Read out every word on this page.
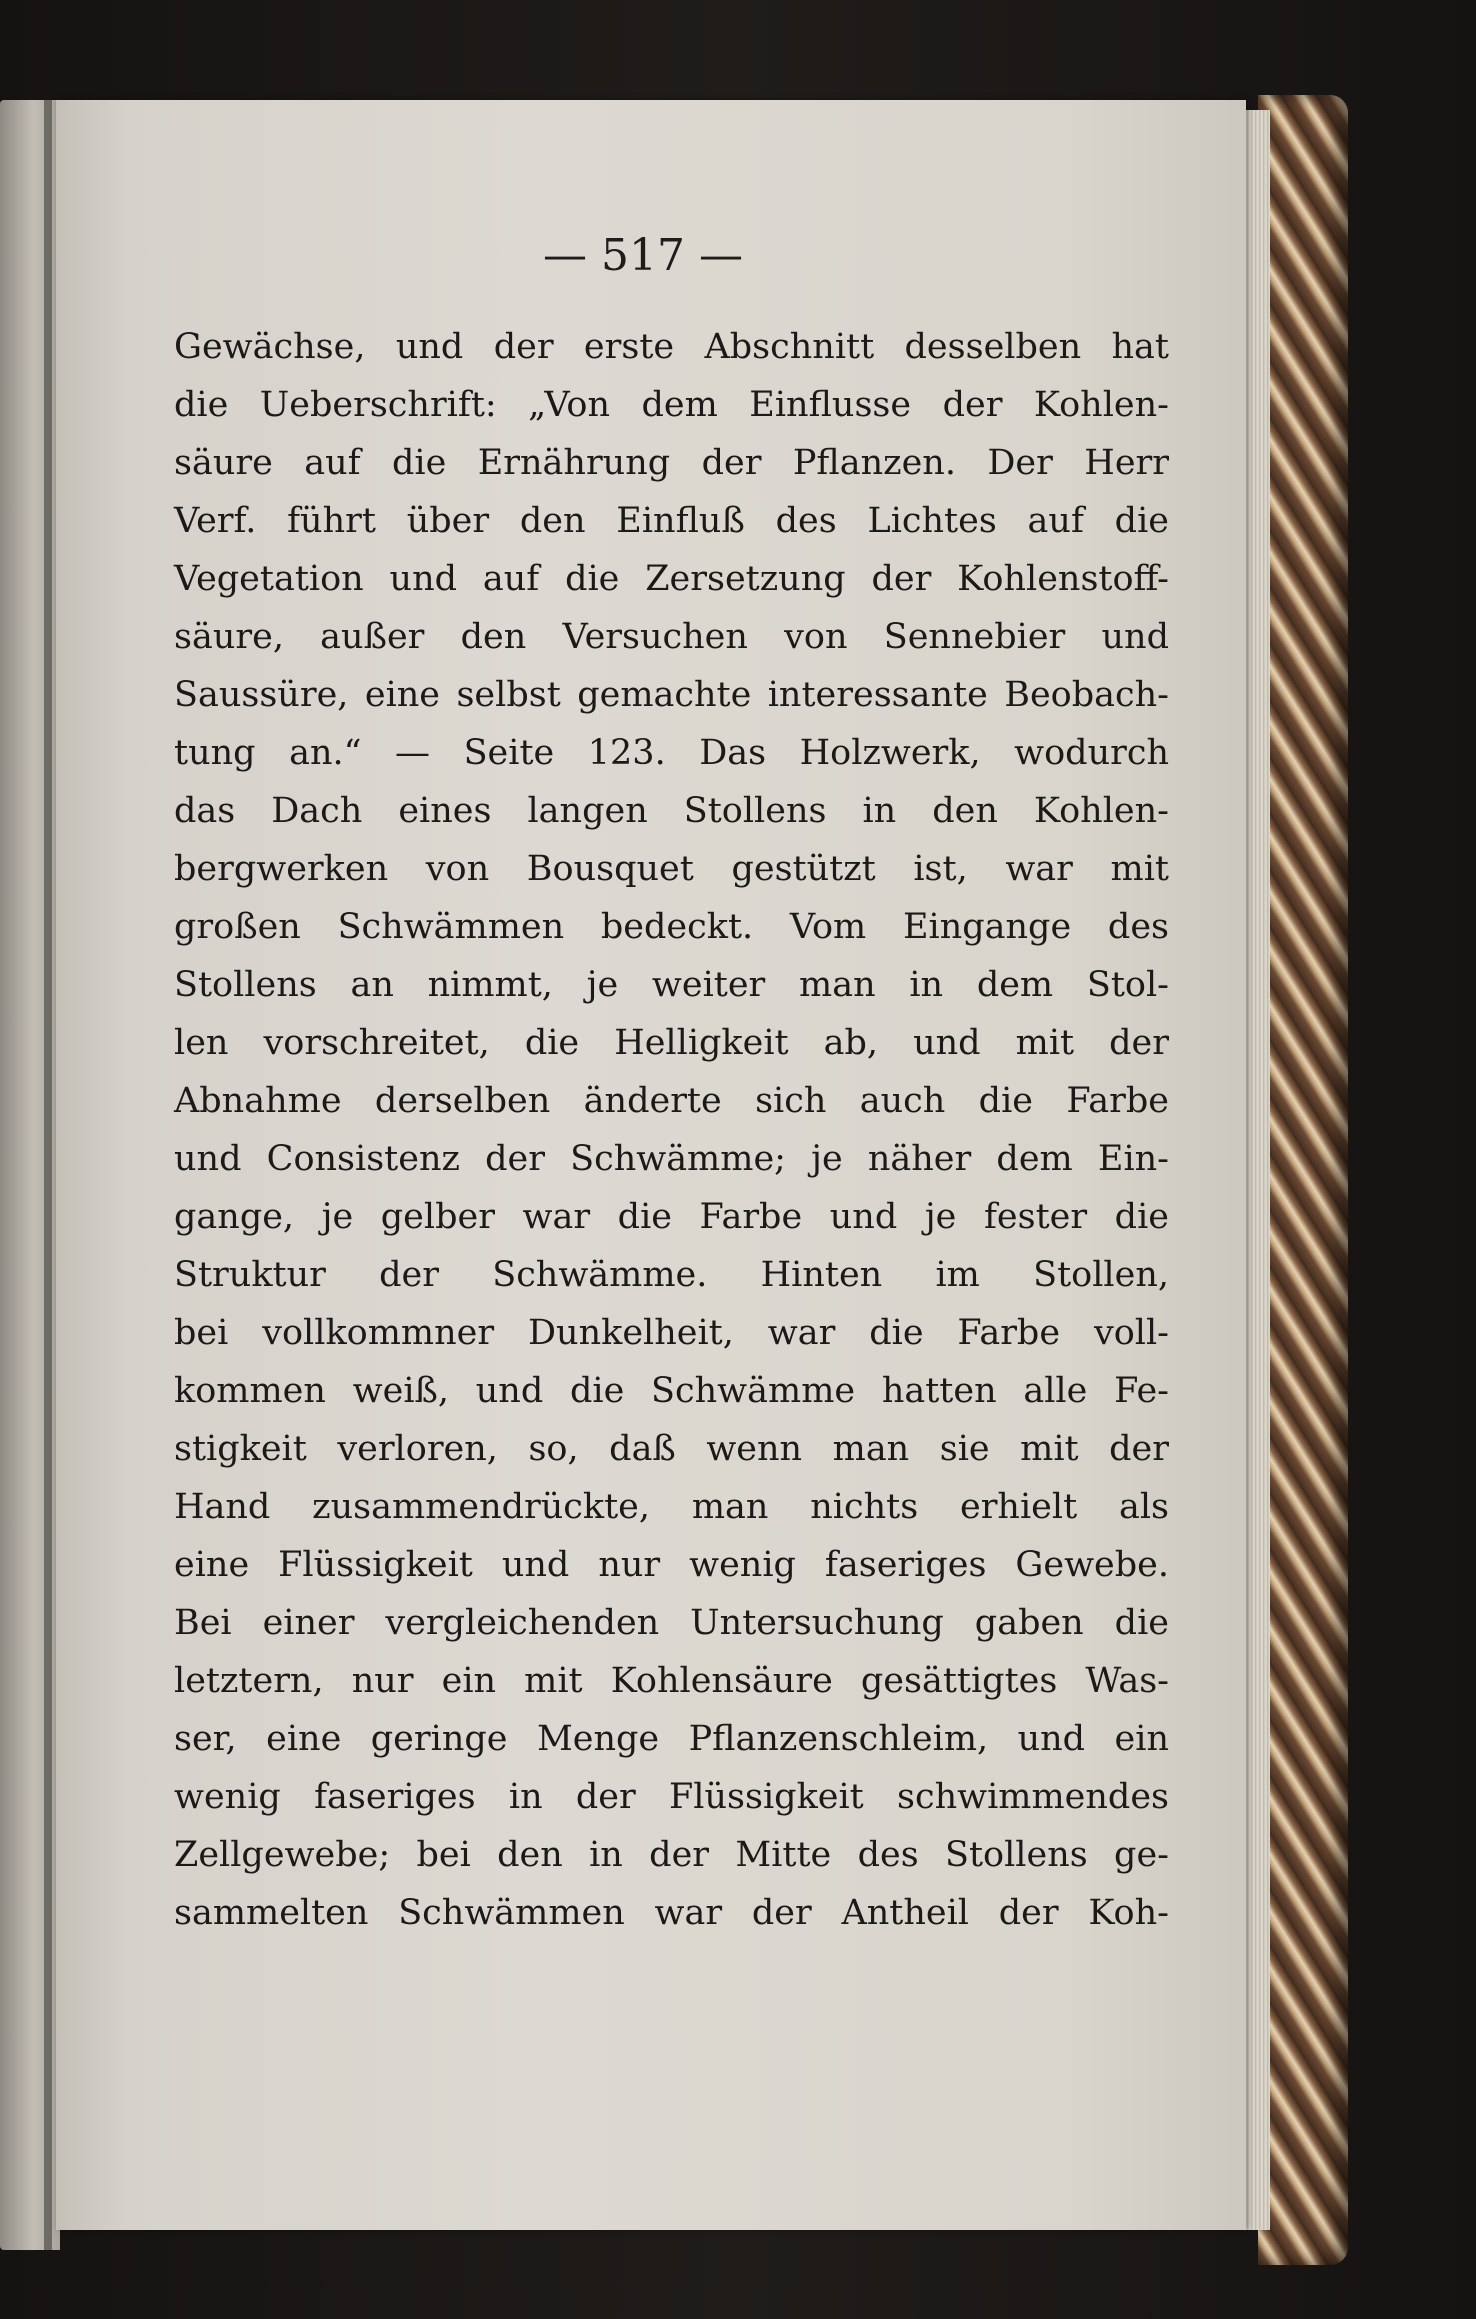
— 517 —
Gewächse, und der erste Abschnitt desselben hat
die Ueberschrift: „Von dem Einflusse der Kohlen-
säure auf die Ernährung der Pflanzen. Der Herr
Verf. führt über den Einfluß des Lichtes auf die
Vegetation und auf die Zersetzung der Kohlenstoff-
säure, außer den Versuchen von Sennebier und
Saussüre, eine selbst gemachte interessante Beobach-
tung an.“ — Seite 123. Das Holzwerk, wodurch
das Dach eines langen Stollens in den Kohlen-
bergwerken von Bousquet gestützt ist, war mit
großen Schwämmen bedeckt. Vom Eingange des
Stollens an nimmt, je weiter man in dem Stol-
len vorschreitet, die Helligkeit ab, und mit der
Abnahme derselben änderte sich auch die Farbe
und Consistenz der Schwämme; je näher dem Ein-
gange, je gelber war die Farbe und je fester die
Struktur der Schwämme. Hinten im Stollen,
bei vollkommner Dunkelheit, war die Farbe voll-
kommen weiß, und die Schwämme hatten alle Fe-
stigkeit verloren, so, daß wenn man sie mit der
Hand zusammendrückte, man nichts erhielt als
eine Flüssigkeit und nur wenig faseriges Gewebe.
Bei einer vergleichenden Untersuchung gaben die
letztern, nur ein mit Kohlensäure gesättigtes Was-
ser, eine geringe Menge Pflanzenschleim, und ein
wenig faseriges in der Flüssigkeit schwimmendes
Zellgewebe; bei den in der Mitte des Stollens ge-
sammelten Schwämmen war der Antheil der Koh-
